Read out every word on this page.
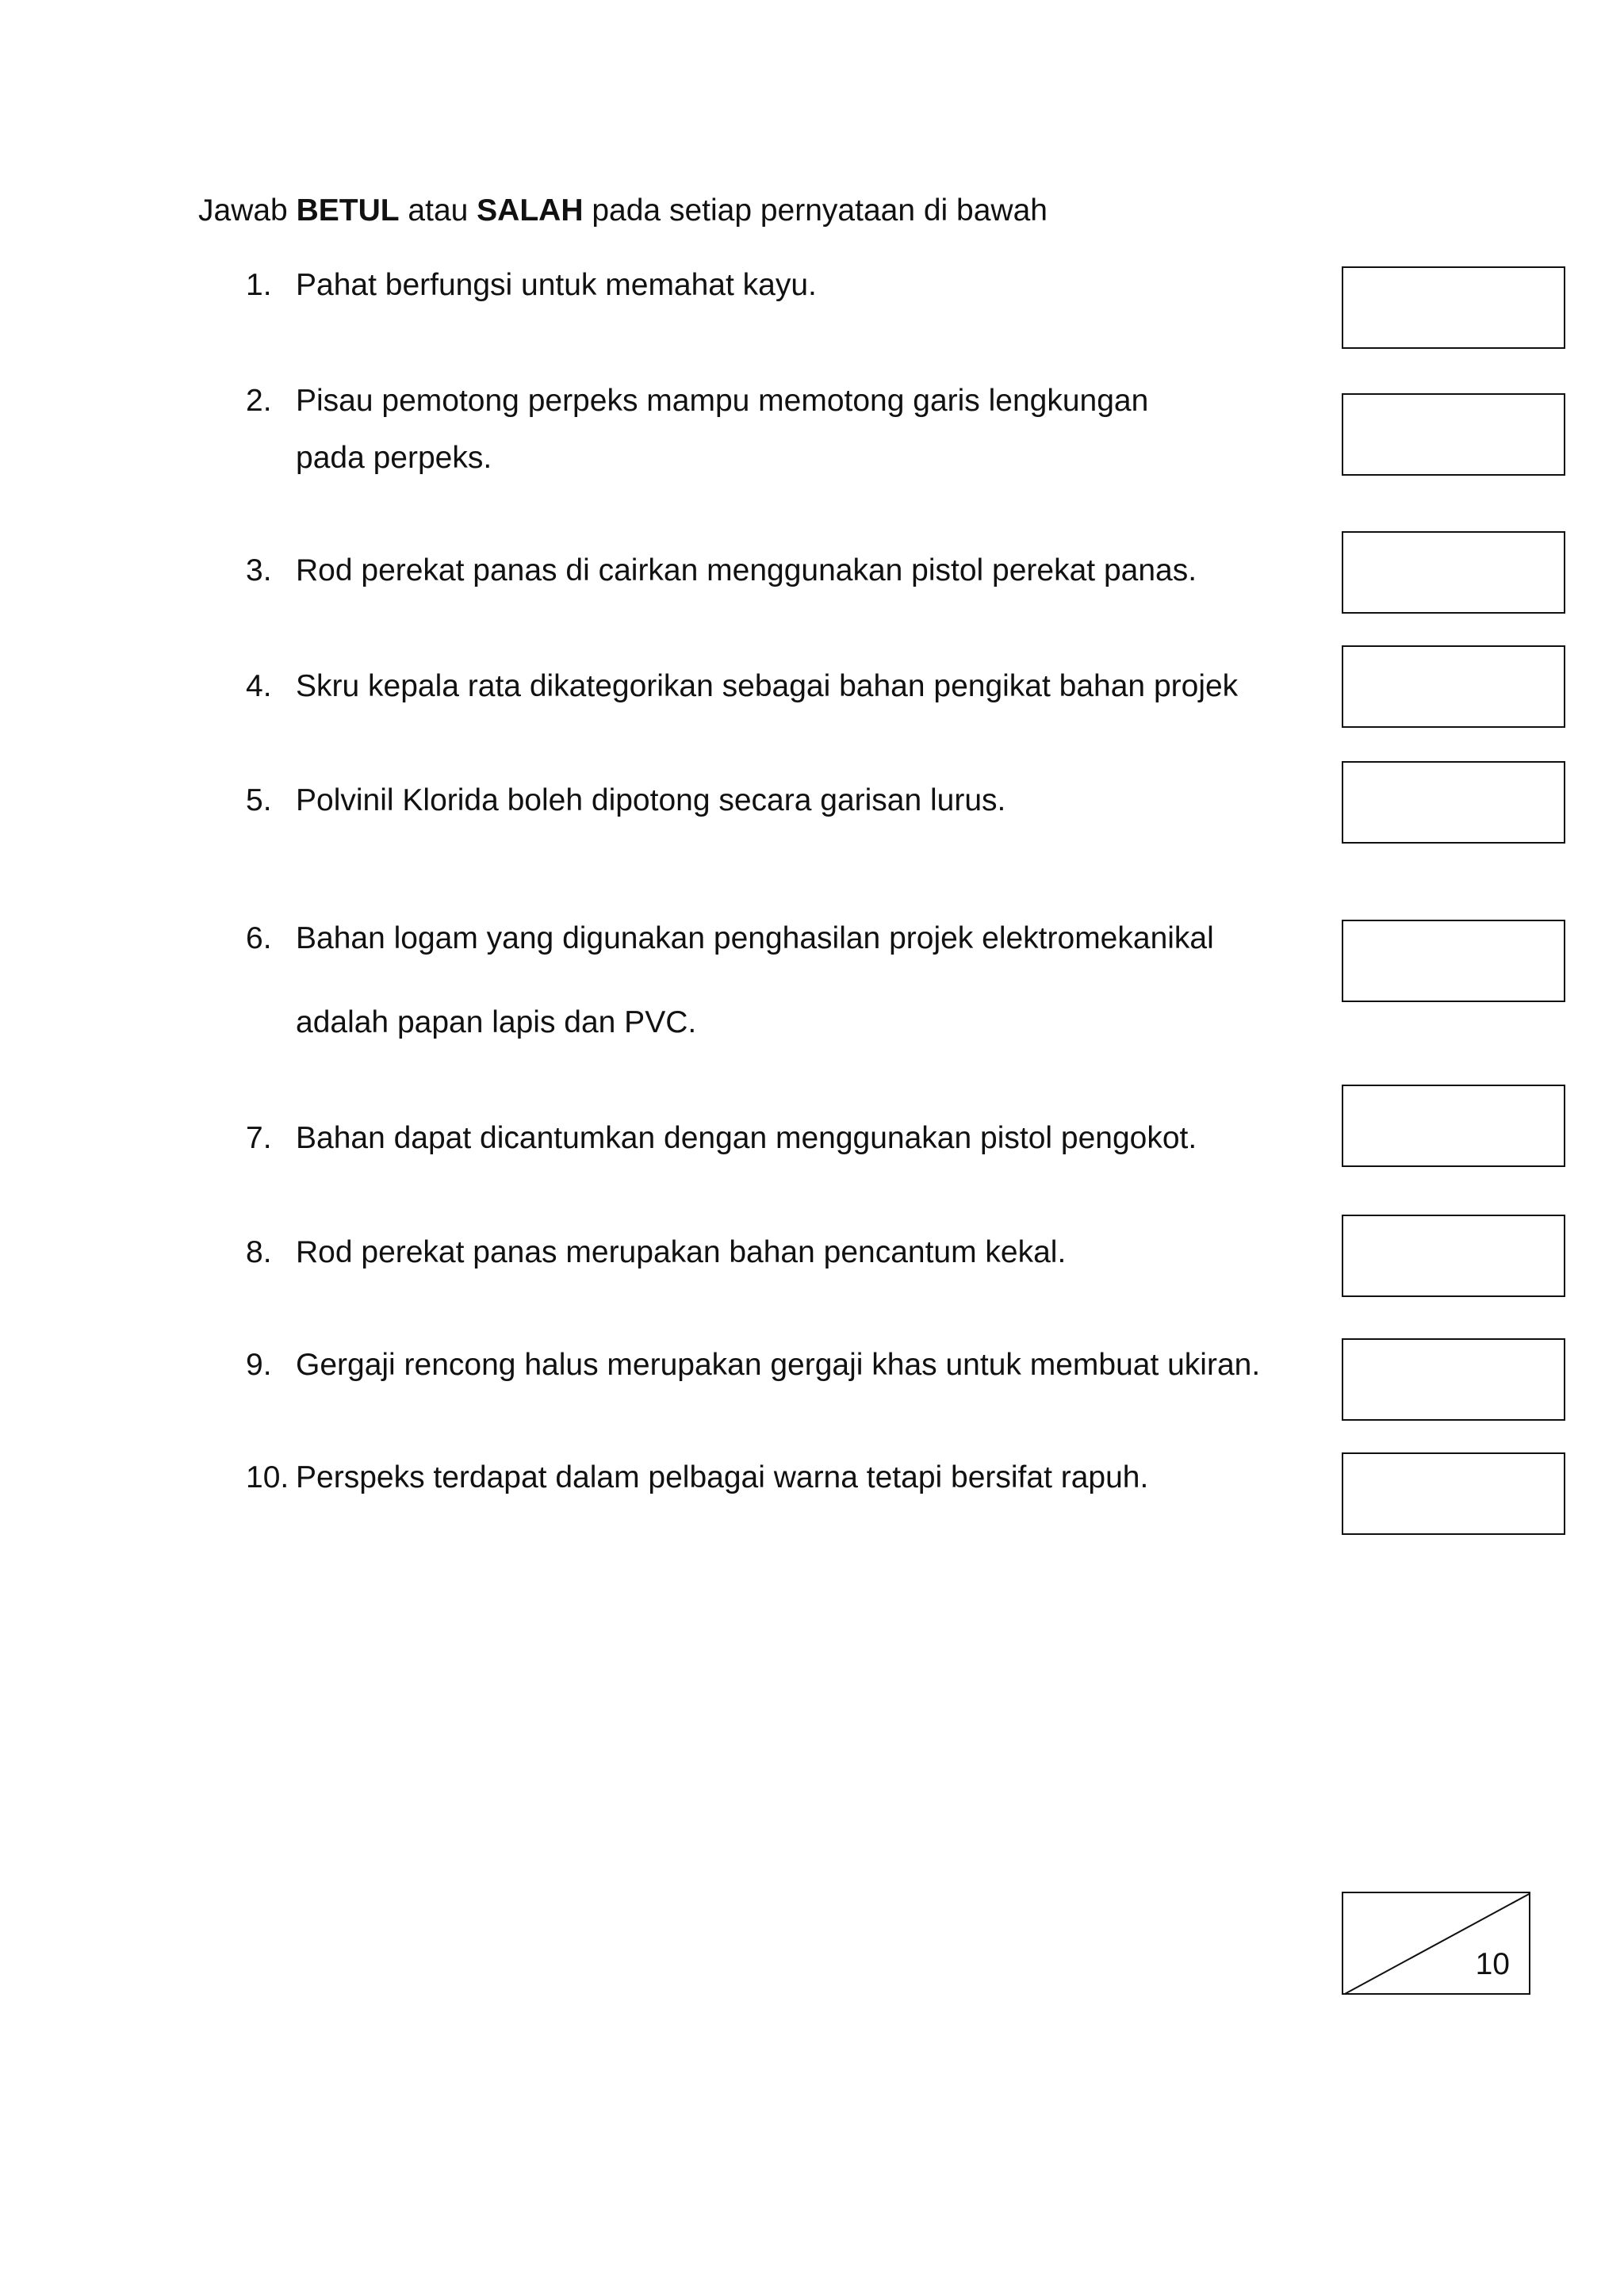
Jawab BETUL atau SALAH pada setiap pernyataan di bawah
1. Pahat berfungsi untuk memahat kayu.
2. Pisau pemotong perpeks mampu memotong garis lengkungan
pada perpeks.
3. Rod perekat panas di cairkan menggunakan pistol perekat panas.
4. Skru kepala rata dikategorikan sebagai bahan pengikat bahan projek
5. Polvinil Klorida boleh dipotong secara garisan lurus.
6. Bahan logam yang digunakan penghasilan projek elektromekanikal
adalah papan lapis dan PVC.
7. Bahan dapat dicantumkan dengan menggunakan pistol pengokot.
8. Rod perekat panas merupakan bahan pencantum kekal.
9. Gergaji rencong halus merupakan gergaji khas untuk membuat ukiran.
10. Perspeks terdapat dalam pelbagai warna tetapi bersifat rapuh.
10
